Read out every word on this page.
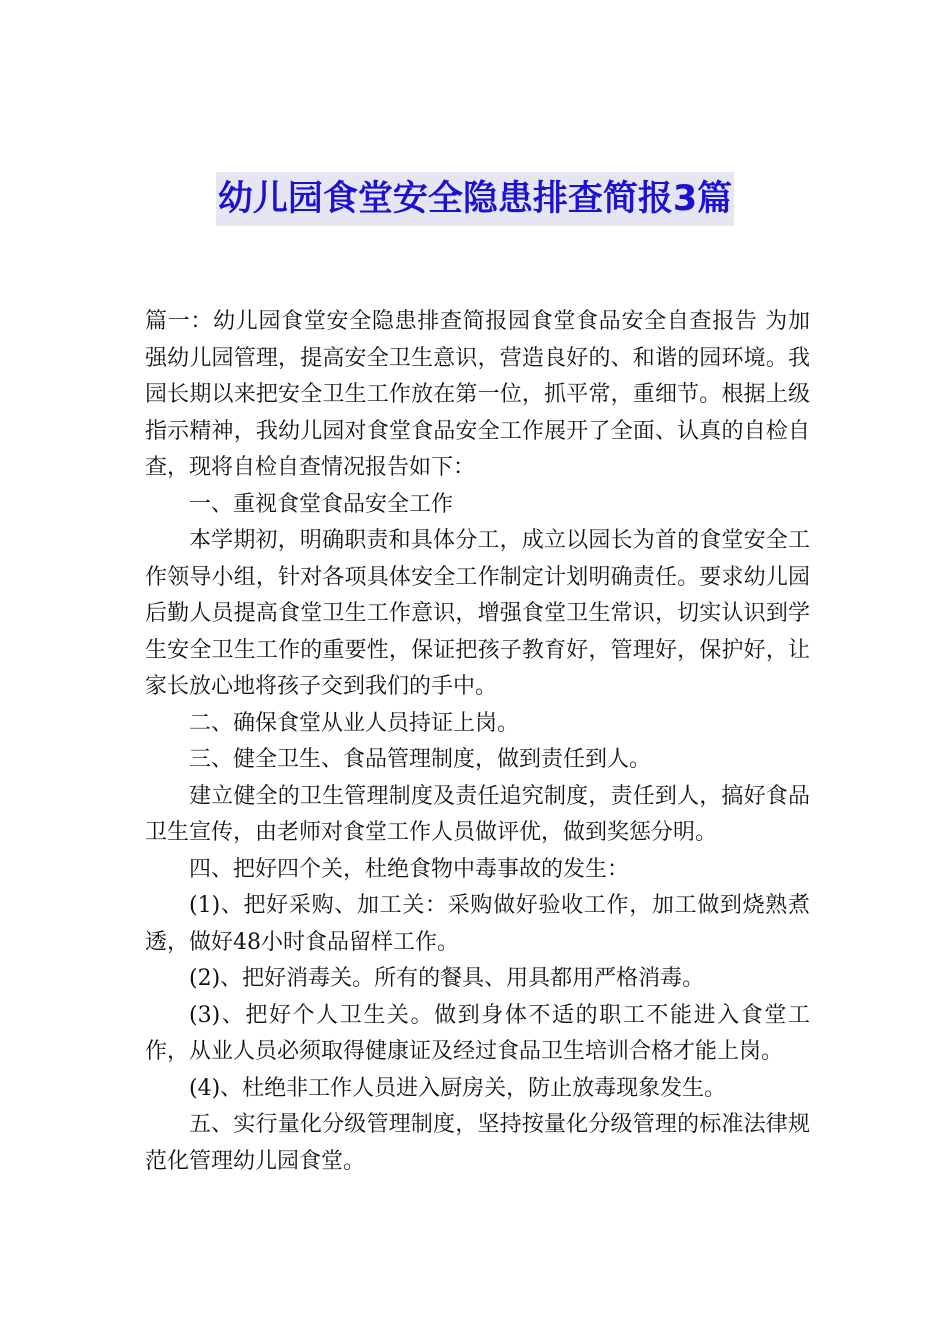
幼儿园食堂安全隐患排查简报3篇

篇一：幼儿园食堂安全隐患排查简报园食堂食品安全自查报告 为加强幼儿园管理，提高安全卫生意识，营造良好的、和谐的园环境。我园长期以来把安全卫生工作放在第一位，抓平常，重细节。根据上级指示精神，我幼儿园对食堂食品安全工作展开了全面、认真的自检自查，现将自检自查情况报告如下：

一、重视食堂食品安全工作

本学期初，明确职责和具体分工，成立以园长为首的食堂安全工作领导小组，针对各项具体安全工作制定计划明确责任。要求幼儿园后勤人员提高食堂卫生工作意识，增强食堂卫生常识，切实认识到学生安全卫生工作的重要性，保证把孩子教育好，管理好，保护好，让家长放心地将孩子交到我们的手中。

二、确保食堂从业人员持证上岗。

三、健全卫生、食品管理制度，做到责任到人。

建立健全的卫生管理制度及责任追究制度，责任到人，搞好食品卫生宣传，由老师对食堂工作人员做评优，做到奖惩分明。

四、把好四个关，杜绝食物中毒事故的发生：

(1)、把好采购、加工关：采购做好验收工作，加工做到烧熟煮透，做好48小时食品留样工作。

(2)、把好消毒关。所有的餐具、用具都用严格消毒。

(3)、把好个人卫生关。做到身体不适的职工不能进入食堂工作，从业人员必须取得健康证及经过食品卫生培训合格才能上岗。

(4)、杜绝非工作人员进入厨房关，防止放毒现象发生。

五、实行量化分级管理制度，坚持按量化分级管理的标准法律规范化管理幼儿园食堂。
